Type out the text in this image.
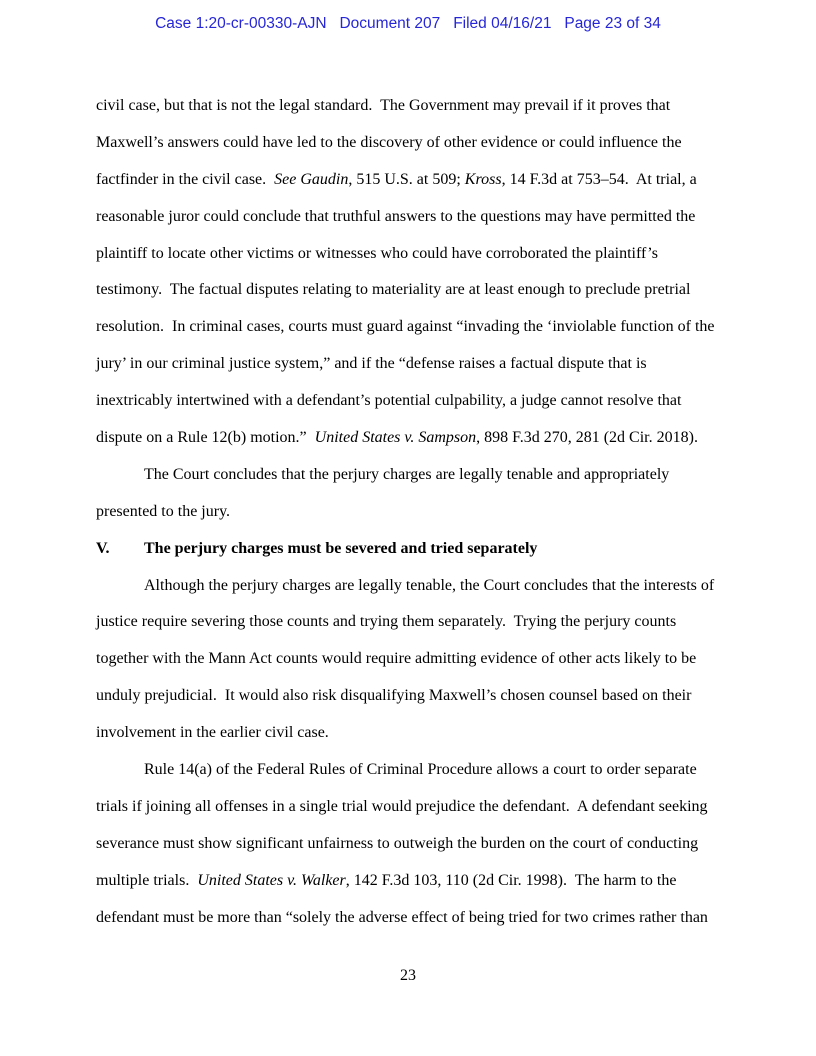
Case 1:20-cr-00330-AJN   Document 207   Filed 04/16/21   Page 23 of 34
civil case, but that is not the legal standard.  The Government may prevail if it proves that
Maxwell’s answers could have led to the discovery of other evidence or could influence the
factfinder in the civil case.  See Gaudin, 515 U.S. at 509; Kross, 14 F.3d at 753–54.  At trial, a
reasonable juror could conclude that truthful answers to the questions may have permitted the
plaintiff to locate other victims or witnesses who could have corroborated the plaintiff’s
testimony.  The factual disputes relating to materiality are at least enough to preclude pretrial
resolution.  In criminal cases, courts must guard against “invading the ‘inviolable function of the
jury’ in our criminal justice system,” and if the “defense raises a factual dispute that is
inextricably intertwined with a defendant’s potential culpability, a judge cannot resolve that
dispute on a Rule 12(b) motion.”  United States v. Sampson, 898 F.3d 270, 281 (2d Cir. 2018).
The Court concludes that the perjury charges are legally tenable and appropriately
presented to the jury.
V. The perjury charges must be severed and tried separately
Although the perjury charges are legally tenable, the Court concludes that the interests of
justice require severing those counts and trying them separately.  Trying the perjury counts
together with the Mann Act counts would require admitting evidence of other acts likely to be
unduly prejudicial.  It would also risk disqualifying Maxwell’s chosen counsel based on their
involvement in the earlier civil case.
Rule 14(a) of the Federal Rules of Criminal Procedure allows a court to order separate
trials if joining all offenses in a single trial would prejudice the defendant.  A defendant seeking
severance must show significant unfairness to outweigh the burden on the court of conducting
multiple trials.  United States v. Walker, 142 F.3d 103, 110 (2d Cir. 1998).  The harm to the
defendant must be more than “solely the adverse effect of being tried for two crimes rather than
23
